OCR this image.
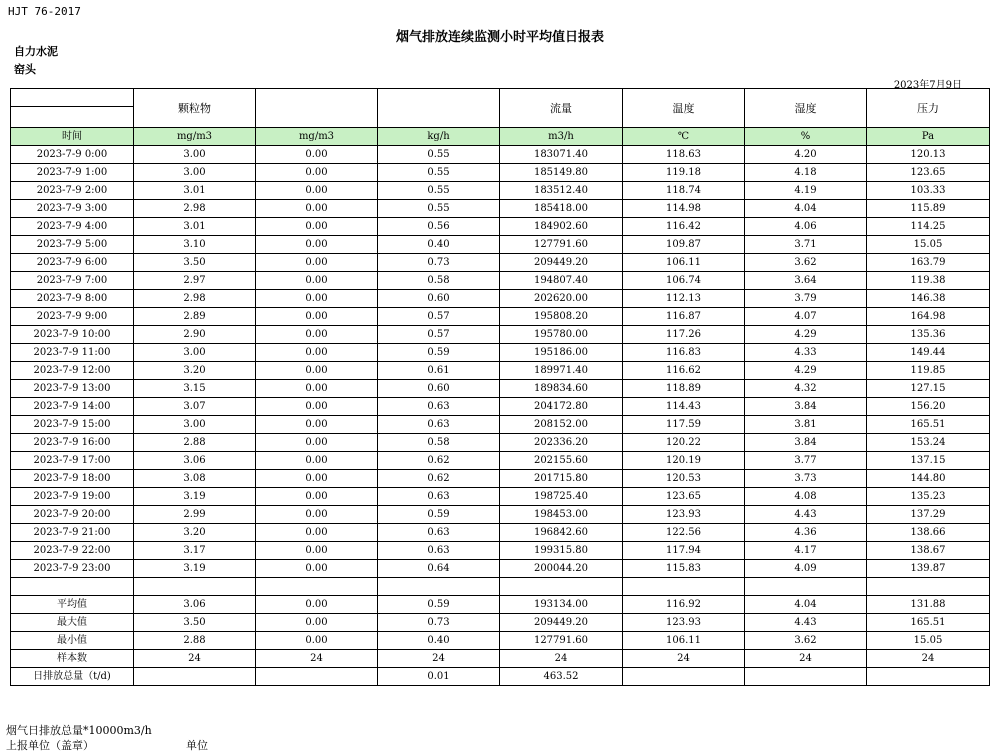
HJT 76-2017
烟气排放连续监测小时平均值日报表
自力水泥
窑头
2023年7月9日
	颗粒物			流量	温度	湿度	压力
时间	mg/m3	mg/m3	kg/h	m3/h	℃	%	Pa
2023-7-9 0:00	3.00	0.00	0.55	183071.40	118.63	4.20	120.13
2023-7-9 1:00	3.00	0.00	0.55	185149.80	119.18	4.18	123.65
2023-7-9 2:00	3.01	0.00	0.55	183512.40	118.74	4.19	103.33
2023-7-9 3:00	2.98	0.00	0.55	185418.00	114.98	4.04	115.89
2023-7-9 4:00	3.01	0.00	0.56	184902.60	116.42	4.06	114.25
2023-7-9 5:00	3.10	0.00	0.40	127791.60	109.87	3.71	15.05
2023-7-9 6:00	3.50	0.00	0.73	209449.20	106.11	3.62	163.79
2023-7-9 7:00	2.97	0.00	0.58	194807.40	106.74	3.64	119.38
2023-7-9 8:00	2.98	0.00	0.60	202620.00	112.13	3.79	146.38
2023-7-9 9:00	2.89	0.00	0.57	195808.20	116.87	4.07	164.98
2023-7-9 10:00	2.90	0.00	0.57	195780.00	117.26	4.29	135.36
2023-7-9 11:00	3.00	0.00	0.59	195186.00	116.83	4.33	149.44
2023-7-9 12:00	3.20	0.00	0.61	189971.40	116.62	4.29	119.85
2023-7-9 13:00	3.15	0.00	0.60	189834.60	118.89	4.32	127.15
2023-7-9 14:00	3.07	0.00	0.63	204172.80	114.43	3.84	156.20
2023-7-9 15:00	3.00	0.00	0.63	208152.00	117.59	3.81	165.51
2023-7-9 16:00	2.88	0.00	0.58	202336.20	120.22	3.84	153.24
2023-7-9 17:00	3.06	0.00	0.62	202155.60	120.19	3.77	137.15
2023-7-9 18:00	3.08	0.00	0.62	201715.80	120.53	3.73	144.80
2023-7-9 19:00	3.19	0.00	0.63	198725.40	123.65	4.08	135.23
2023-7-9 20:00	2.99	0.00	0.59	198453.00	123.93	4.43	137.29
2023-7-9 21:00	3.20	0.00	0.63	196842.60	122.56	4.36	138.66
2023-7-9 22:00	3.17	0.00	0.63	199315.80	117.94	4.17	138.67
2023-7-9 23:00	3.19	0.00	0.64	200044.20	115.83	4.09	139.87

平均值	3.06	0.00	0.59	193134.00	116.92	4.04	131.88
最大值	3.50	0.00	0.73	209449.20	123.93	4.43	165.51
最小值	2.88	0.00	0.40	127791.60	106.11	3.62	15.05
样本数	24	24	24	24	24	24	24
日排放总量（t/d)			0.01	463.52			
烟气日排放总量*10000m3/h
上报单位（盖章）	单位
